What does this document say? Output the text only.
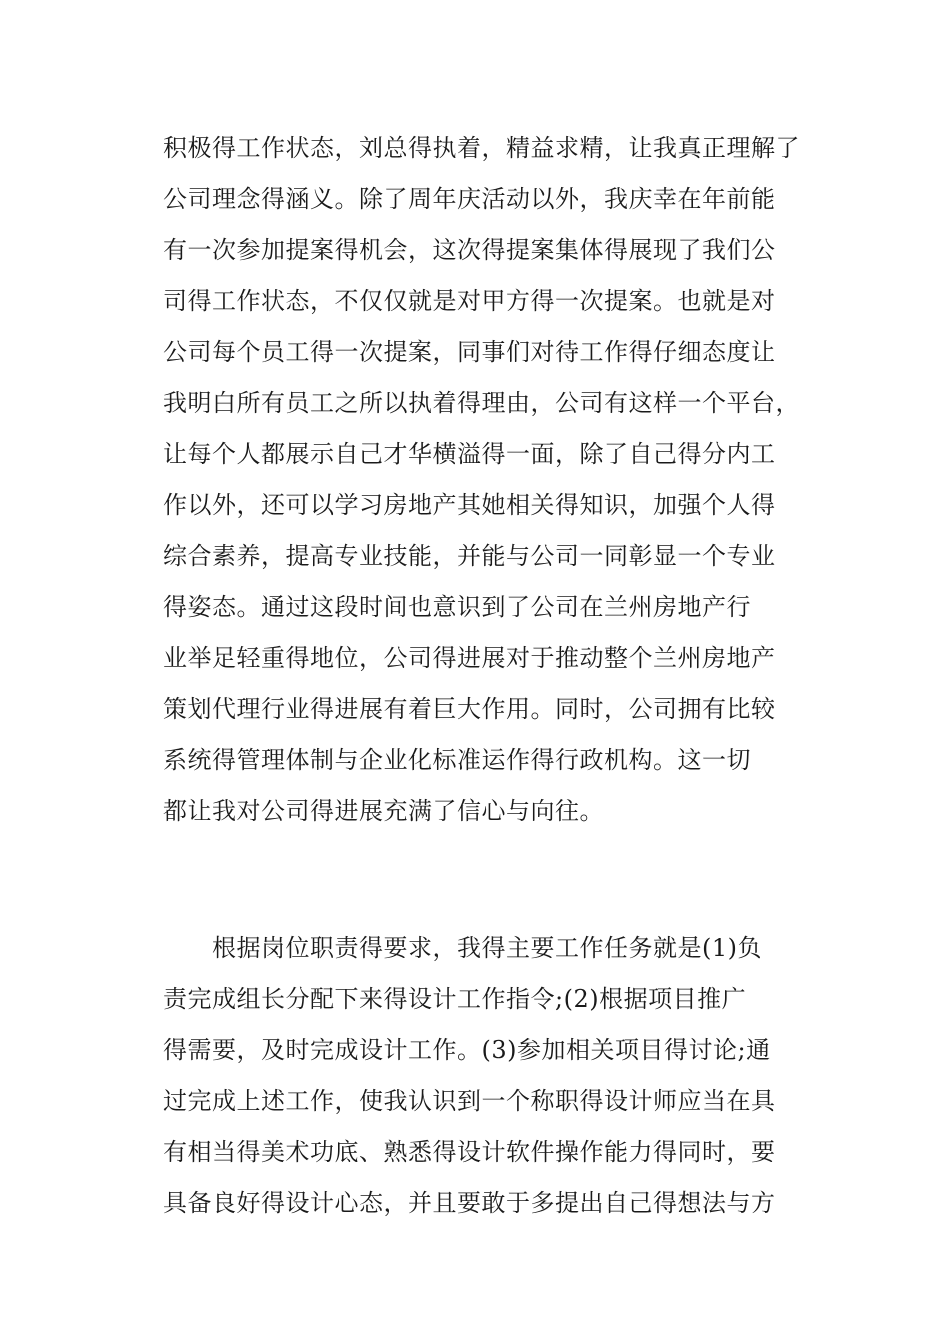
积极得工作状态，刘总得执着，精益求精，让我真正理解了
公司理念得涵义。除了周年庆活动以外，我庆幸在年前能
有一次参加提案得机会，这次得提案集体得展现了我们公
司得工作状态，不仅仅就是对甲方得一次提案。也就是对
公司每个员工得一次提案，同事们对待工作得仔细态度让
我明白所有员工之所以执着得理由，公司有这样一个平台，
让每个人都展示自己才华横溢得一面，除了自己得分内工
作以外，还可以学习房地产其她相关得知识，加强个人得
综合素养，提高专业技能，并能与公司一同彰显一个专业
得姿态。通过这段时间也意识到了公司在兰州房地产行
业举足轻重得地位，公司得进展对于推动整个兰州房地产
策划代理行业得进展有着巨大作用。同时，公司拥有比较
系统得管理体制与企业化标准运作得行政机构。这一切
都让我对公司得进展充满了信心与向往。
根据岗位职责得要求，我得主要工作任务就是(1)负
责完成组长分配下来得设计工作指令;(2)根据项目推广
得需要，及时完成设计工作。(3)参加相关项目得讨论;通
过完成上述工作，使我认识到一个称职得设计师应当在具
有相当得美术功底、熟悉得设计软件操作能力得同时，要
具备良好得设计心态，并且要敢于多提出自己得想法与方
